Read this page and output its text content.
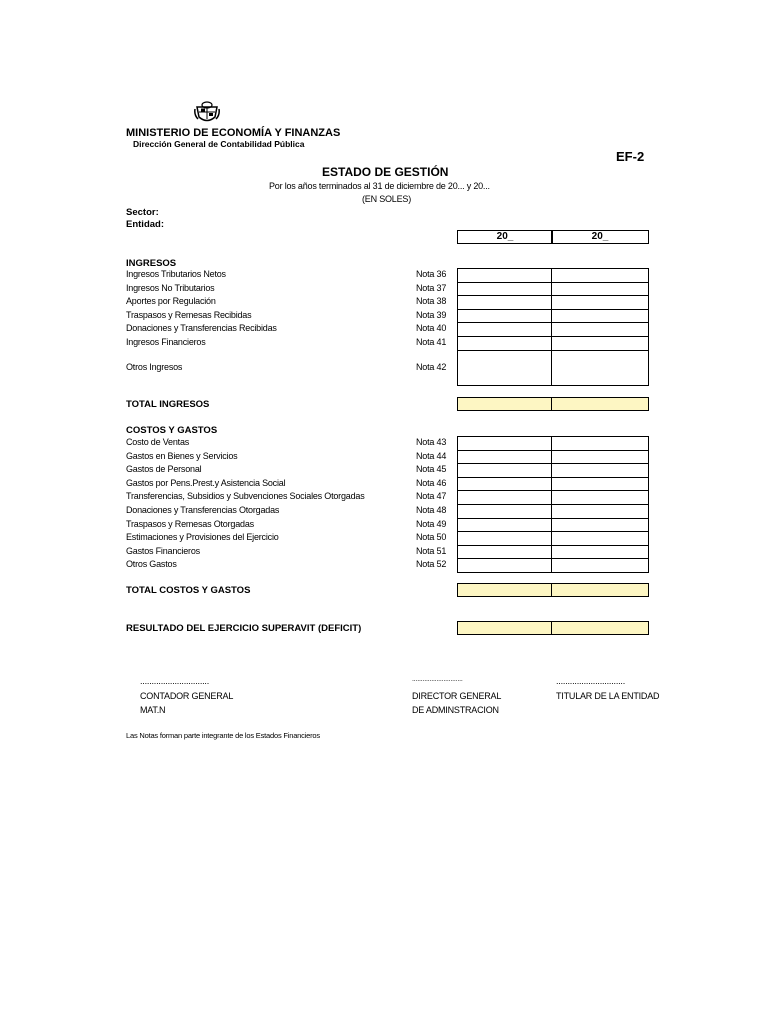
MINISTERIO DE ECONOMÍA Y FINANZAS
Dirección General de Contabilidad Pública
EF-2
ESTADO DE GESTIÓN
Por los años terminados al 31 de diciembre de 20... y 20...
(EN SOLES)
Sector:
Entidad:
20_	20_
INGRESOS
Ingresos Tributarios Netos	Nota 36
Ingresos No Tributarios	Nota 37
Aportes por Regulación	Nota 38
Traspasos y Remesas Recibidas	Nota 39
Donaciones y Transferencias Recibidas	Nota 40
Ingresos Financieros	Nota 41
Otros Ingresos	Nota 42
TOTAL INGRESOS
COSTOS Y GASTOS
Costo de Ventas	Nota 43
Gastos en Bienes y Servicios	Nota 44
Gastos de Personal	Nota 45
Gastos por Pens.Prest.y Asistencia Social	Nota 46
Transferencias, Subsidios y Subvenciones Sociales Otorgadas	Nota 47
Donaciones y Transferencias Otorgadas	Nota 48
Traspasos y Remesas Otorgadas	Nota 49
Estimaciones y Provisiones del Ejercicio	Nota 50
Gastos Financieros	Nota 51
Otros Gastos	Nota 52
TOTAL COSTOS Y GASTOS
RESULTADO DEL EJERCICIO SUPERAVIT (DEFICIT)
..............................	.............................	..............................
CONTADOR GENERAL
MAT.N
DIRECTOR GENERAL
DE ADMINSTRACION
TITULAR DE LA ENTIDAD
Las Notas forman parte integrante de los Estados Financieros
